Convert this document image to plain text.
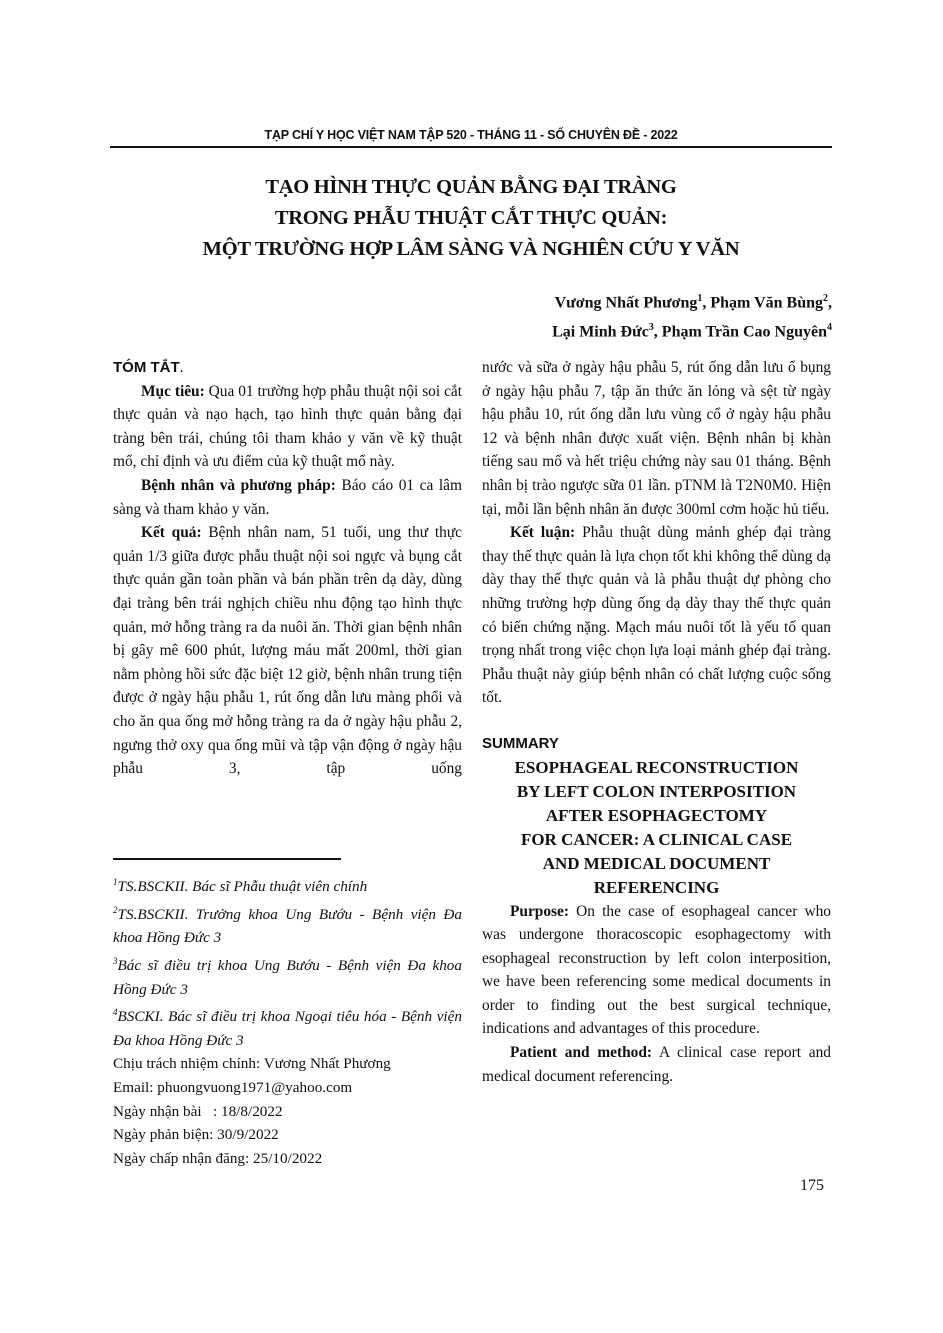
TẠP CHÍ Y HỌC VIỆT NAM TẬP 520 - THÁNG 11 - SỐ CHUYÊN ĐỀ - 2022
TẠO HÌNH THỰC QUẢN BẰNG ĐẠI TRÀNG
TRONG PHẪU THUẬT CẮT THỰC QUẢN:
MỘT TRƯỜNG HỢP LÂM SÀNG VÀ NGHIÊN CỨU Y VĂN
Vương Nhất Phương$^1$, Phạm Văn Bùng$^2$,
Lại Minh Đức$^3$, Phạm Trần Cao Nguyên$^4$
TÓM TẮT.

Mục tiêu: Qua 01 trường hợp phẫu thuật nội soi cắt thực quản và nạo hạch, tạo hình thực quản bằng đại tràng bên trái, chúng tôi tham khảo y văn về kỹ thuật mổ, chỉ định và ưu điểm của kỹ thuật mổ này.

Bệnh nhân và phương pháp: Báo cáo 01 ca lâm sàng và tham khảo y văn.

Kết quả: Bệnh nhân nam, 51 tuổi, ung thư thực quản 1/3 giữa được phẫu thuật nội soi ngực và bụng cắt thực quản gần toàn phần và bán phần trên dạ dày, dùng đại tràng bên trái nghịch chiều nhu động tạo hình thực quản, mở hỗng tràng ra da nuôi ăn. Thời gian bệnh nhân bị gây mê 600 phút, lượng máu mất 200ml, thời gian nằm phòng hồi sức đặc biệt 12 giờ, bệnh nhân trung tiện được ở ngày hậu phẫu 1, rút ống dẫn lưu màng phổi và cho ăn qua ống mở hỗng tràng ra da ở ngày hậu phẫu 2, ngưng thở oxy qua ống mũi và tập vận động ở ngày hậu phẫu 3, tập uống

$^1$TS.BSCKII. Bác sĩ Phẫu thuật viên chính
$^2$TS.BSCKII. Trưởng khoa Ung Bướu - Bệnh viện Đa khoa Hồng Đức 3
$^3$Bác sĩ điều trị khoa Ung Bướu - Bệnh viện Đa khoa Hồng Đức 3
$^4$BSCKI. Bác sĩ điều trị khoa Ngoại tiêu hóa - Bệnh viện Đa khoa Hồng Đức 3
Chịu trách nhiệm chính: Vương Nhất Phương
Email: phuongvuong1971@yahoo.com
Ngày nhận bài   : 18/8/2022
Ngày phản biện: 30/9/2022
Ngày chấp nhận đăng: 25/10/2022

nước và sữa ở ngày hậu phẫu 5, rút ống dẫn lưu ổ bụng ở ngày hậu phẫu 7, tập ăn thức ăn lỏng và sệt từ ngày hậu phẫu 10, rút ống dẫn lưu vùng cổ ở ngày hậu phẫu 12 và bệnh nhân được xuất viện. Bệnh nhân bị khàn tiếng sau mổ và hết triệu chứng này sau 01 tháng. Bệnh nhân bị trào ngược sữa 01 lần. pTNM là T2N0M0. Hiện tại, mỗi lần bệnh nhân ăn được 300ml cơm hoặc hủ tiếu.

Kết luận: Phẫu thuật dùng mảnh ghép đại tràng thay thế thực quản là lựa chọn tốt khi không thể dùng dạ dày thay thế thực quản và là phẫu thuật dự phòng cho những trường hợp dùng ống dạ dày thay thế thực quản có biến chứng nặng. Mạch máu nuôi tốt là yếu tố quan trọng nhất trong việc chọn lựa loại mảnh ghép đại tràng. Phẫu thuật này giúp bệnh nhân có chất lượng cuộc sống tốt.

SUMMARY
ESOPHAGEAL RECONSTRUCTION
BY LEFT COLON INTERPOSITION
AFTER ESOPHAGECTOMY
FOR CANCER: A CLINICAL CASE
AND MEDICAL DOCUMENT
REFERENCING

Purpose: On the case of esophageal cancer who was undergone thoracoscopic esophagectomy with esophageal reconstruction by left colon interposition, we have been referencing some medical documents in order to finding out the best surgical technique, indications and advantages of this procedure.

Patient and method: A clinical case report and medical document referencing.

175
